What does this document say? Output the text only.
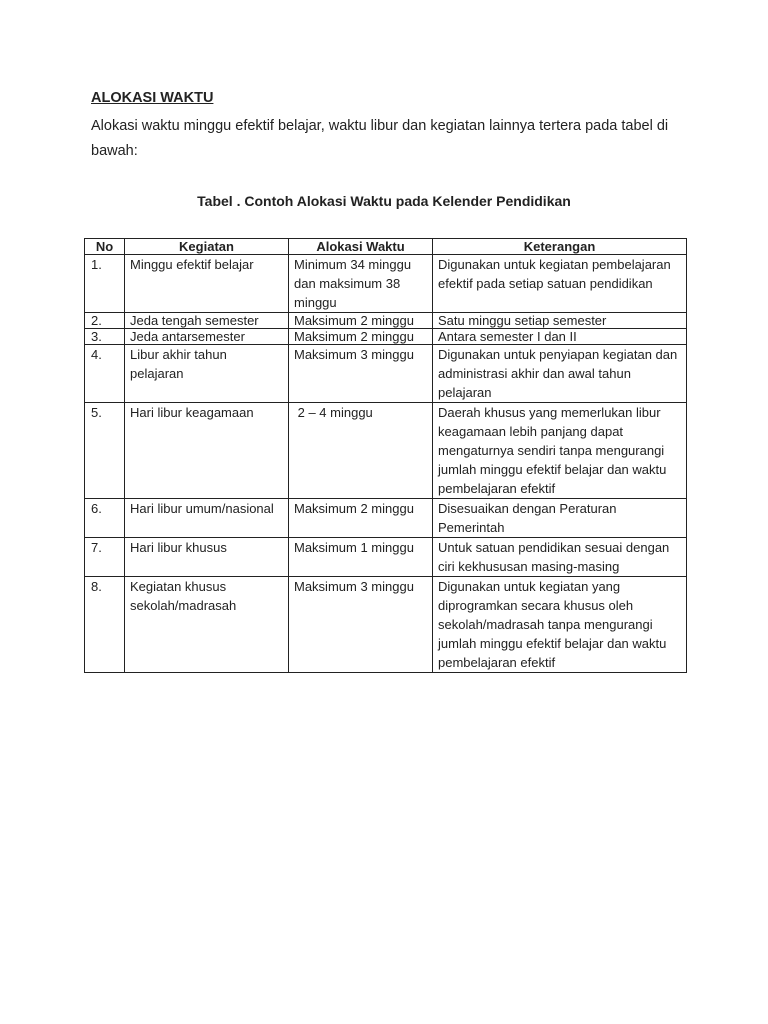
ALOKASI WAKTU

Alokasi waktu minggu efektif belajar, waktu libur dan kegiatan lainnya tertera pada tabel di bawah:

Tabel . Contoh Alokasi Waktu pada Kelender Pendidikan

No	Kegiatan	Alokasi Waktu	Keterangan
1.	Minggu efektif belajar	Minimum 34 minggu dan maksimum 38 minggu	Digunakan untuk kegiatan pembelajaran efektif pada setiap satuan pendidikan
2.	Jeda tengah semester	Maksimum 2 minggu	Satu minggu setiap semester
3.	Jeda antarsemester	Maksimum 2 minggu	Antara semester I dan II
4.	Libur akhir tahun pelajaran	Maksimum 3 minggu	Digunakan untuk penyiapan kegiatan dan administrasi akhir dan awal tahun pelajaran
5.	Hari libur keagamaan	2 – 4 minggu	Daerah khusus yang memerlukan libur keagamaan lebih panjang dapat mengaturnya sendiri tanpa mengurangi jumlah minggu efektif belajar dan waktu pembelajaran efektif
6.	Hari libur umum/nasional	Maksimum 2 minggu	Disesuaikan dengan Peraturan Pemerintah
7.	Hari libur khusus	Maksimum 1 minggu	Untuk satuan pendidikan sesuai dengan ciri kekhususan masing-masing
8.	Kegiatan khusus sekolah/madrasah	Maksimum 3 minggu	Digunakan untuk kegiatan yang diprogramkan secara khusus oleh sekolah/madrasah tanpa mengurangi jumlah minggu efektif belajar dan waktu pembelajaran efektif
